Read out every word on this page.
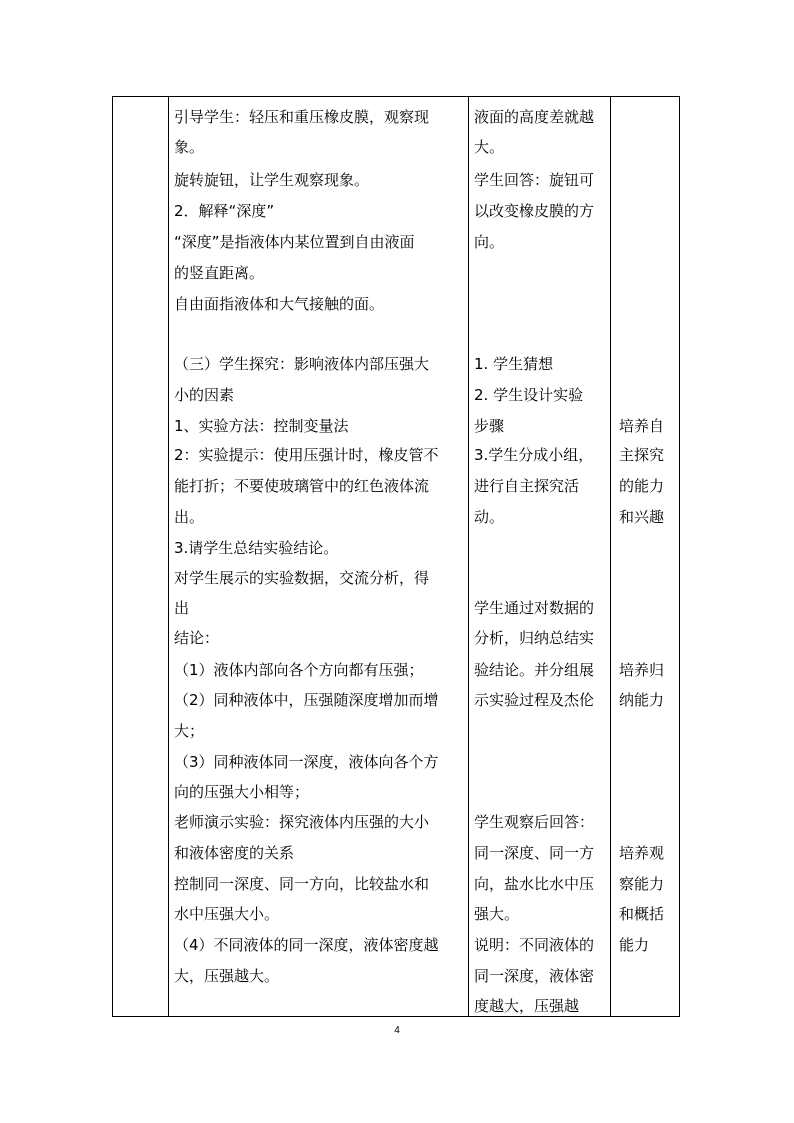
引导学生：轻压和重压橡皮膜，观察现
象。
旋转旋钮，让学生观察现象。
2．解释“深度”
“深度”是指液体内某位置到自由液面
的竖直距离。
自由面指液体和大气接触的面。
（三）学生探究：影响液体内部压强大
小的因素
1、实验方法：控制变量法
2：实验提示：使用压强计时，橡皮管不
能打折；不要使玻璃管中的红色液体流
出。
3.请学生总结实验结论。
对学生展示的实验数据，交流分析，得
出
结论：
（1）液体内部向各个方向都有压强；
（2）同种液体中，压强随深度增加而增
大；
（3）同种液体同一深度，液体向各个方
向的压强大小相等；
老师演示实验：探究液体内压强的大小
和液体密度的关系
控制同一深度、同一方向，比较盐水和
水中压强大小。
（4）不同液体的同一深度，液体密度越
大，压强越大。
液面的高度差就越
大。
学生回答：旋钮可
以改变橡皮膜的方
向。
1. 学生猜想
2. 学生设计实验
步骤
3.学生分成小组，
进行自主探究活
动。
学生通过对数据的
分析，归纳总结实
验结论。并分组展
示实验过程及杰伦
学生观察后回答：
同一深度、同一方
向，盐水比水中压
强大。
说明：不同液体的
同一深度，液体密
度越大，压强越
培养自
主探究
的能力
和兴趣
培养归
纳能力
培养观
察能力
和概括
能力
4
